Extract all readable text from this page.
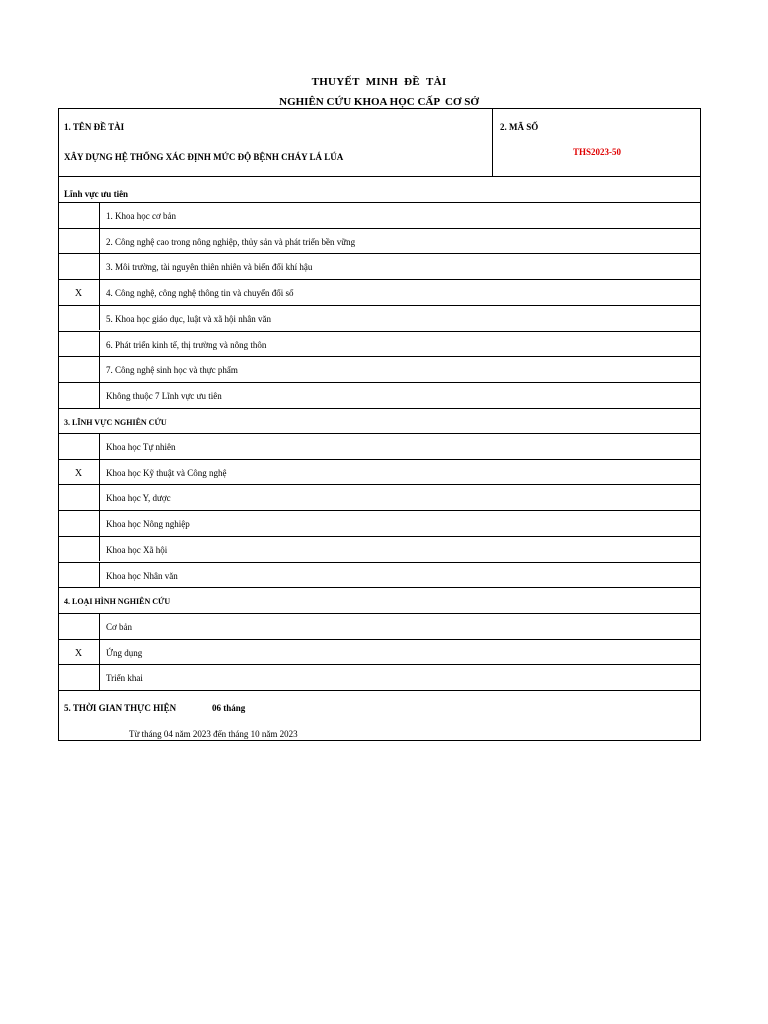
THUYẾT  MINH  ĐỀ  TÀI
NGHIÊN CỨU KHOA HỌC CẤP  CƠ SỞ
1. TÊN ĐỀ TÀI
XÂY DỰNG HỆ THỐNG XÁC ĐỊNH MỨC ĐỘ BỆNH CHÁY LÁ LÚA
2. MÃ SỐ
THS2023-50
Lĩnh vực ưu tiên
1. Khoa học cơ bản
2. Công nghệ cao trong nông nghiệp, thủy sản và phát triển bền vững
3. Môi trường, tài nguyên thiên nhiên và biến đổi khí hậu
X	4. Công nghệ, công nghệ thông tin và chuyển đổi số
5. Khoa học giáo dục, luật và xã hội nhân văn
6. Phát triển kinh tế, thị trường và nông thôn
7. Công nghệ sinh học và thực phẩm
Không thuộc 7 Lĩnh vực ưu tiên
3. LĨNH VỰC NGHIÊN CỨU
Khoa học Tự nhiên
X	Khoa học Kỹ thuật và Công nghệ
Khoa học Y, dược
Khoa học Nông nghiệp
Khoa học Xã hội
Khoa học Nhân văn
4. LOẠI HÌNH NGHIÊN CỨU
Cơ bản
X	Ứng dụng
Triển khai
5. THỜI GIAN THỰC HIỆN	06 tháng
Từ tháng 04 năm 2023 đến tháng 10 năm 2023
